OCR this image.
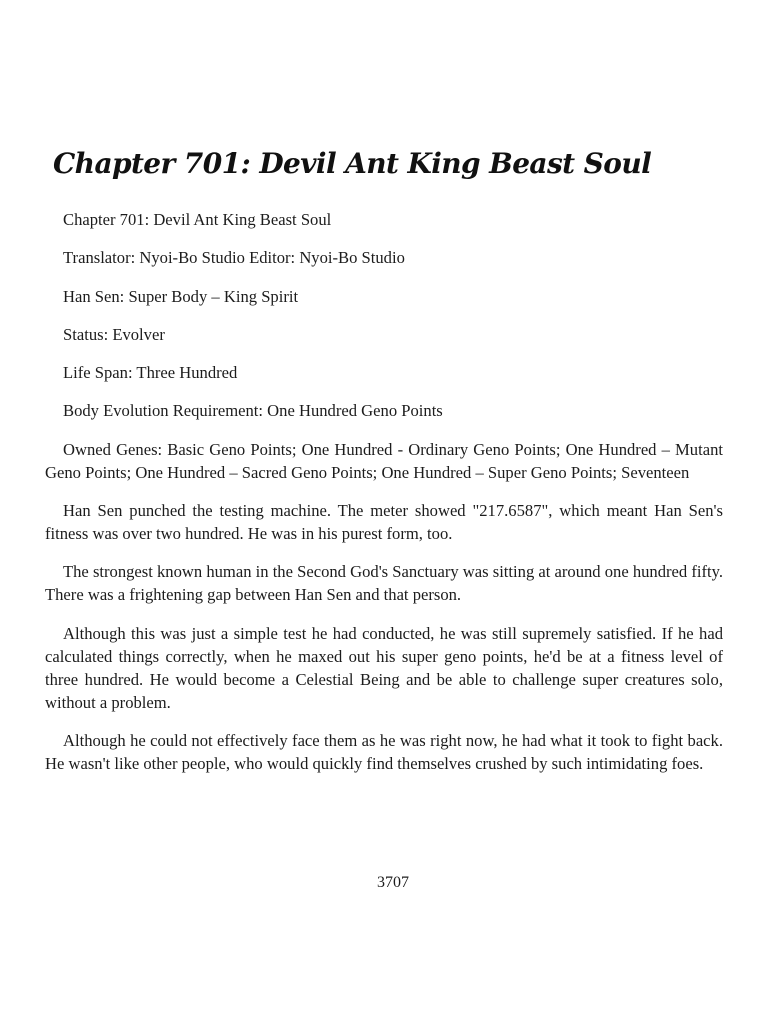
Chapter 701: Devil Ant King Beast Soul

Chapter 701: Devil Ant King Beast Soul

Translator: Nyoi-Bo Studio Editor: Nyoi-Bo Studio

Han Sen: Super Body – King Spirit

Status: Evolver

Life Span: Three Hundred

Body Evolution Requirement: One Hundred Geno Points

Owned Genes: Basic Geno Points; One Hundred - Ordinary Geno Points; One Hundred – Mutant Geno Points; One Hundred – Sacred Geno Points; One Hundred – Super Geno Points; Seventeen

Han Sen punched the testing machine. The meter showed "217.6587", which meant Han Sen's fitness was over two hundred. He was in his purest form, too.

The strongest known human in the Second God's Sanctuary was sitting at around one hundred fifty. There was a frightening gap between Han Sen and that person.

Although this was just a simple test he had conducted, he was still supremely satisfied. If he had calculated things correctly, when he maxed out his super geno points, he'd be at a fitness level of three hundred. He would become a Celestial Being and be able to challenge super creatures solo, without a problem.

Although he could not effectively face them as he was right now, he had what it took to fight back. He wasn't like other people, who would quickly find themselves crushed by such intimidating foes.

3707
